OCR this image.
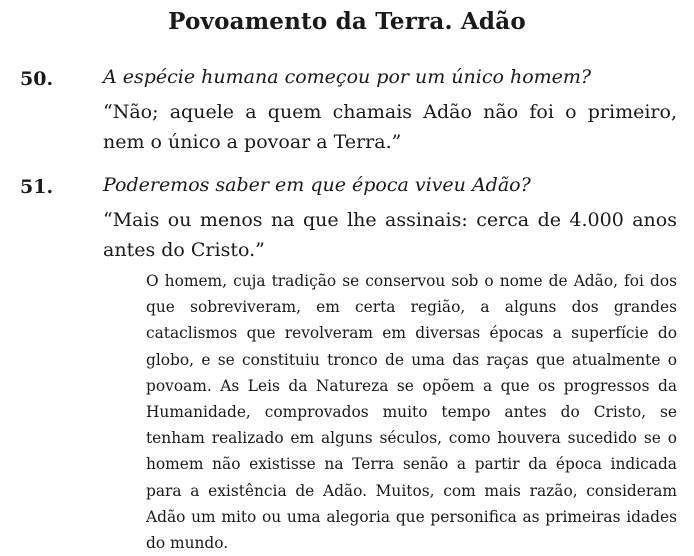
Povoamento da Terra. Adão
50.	A espécie humana começou por um único homem?

“Não; aquele a quem chamais Adão não foi o primeiro, nem o único a povoar a Terra.”

51.	Poderemos saber em que época viveu Adão?

“Mais ou menos na que lhe assinais: cerca de 4.000 anos antes do Cristo.”

O homem, cuja tradição se conservou sob o nome de Adão, foi dos que sobreviveram, em certa região, a alguns dos grandes cataclismos que revolveram em diversas épocas a superfície do globo, e se constituiu tronco de uma das raças que atualmente o povoam. As Leis da Natureza se opõem a que os progressos da Humanidade, comprovados muito tempo antes do Cristo, se tenham realizado em alguns séculos, como houvera sucedido se o homem não existisse na Terra senão a partir da época indicada para a existência de Adão. Muitos, com mais razão, consideram Adão um mito ou uma alegoria que personifica as primeiras idades do mundo.
